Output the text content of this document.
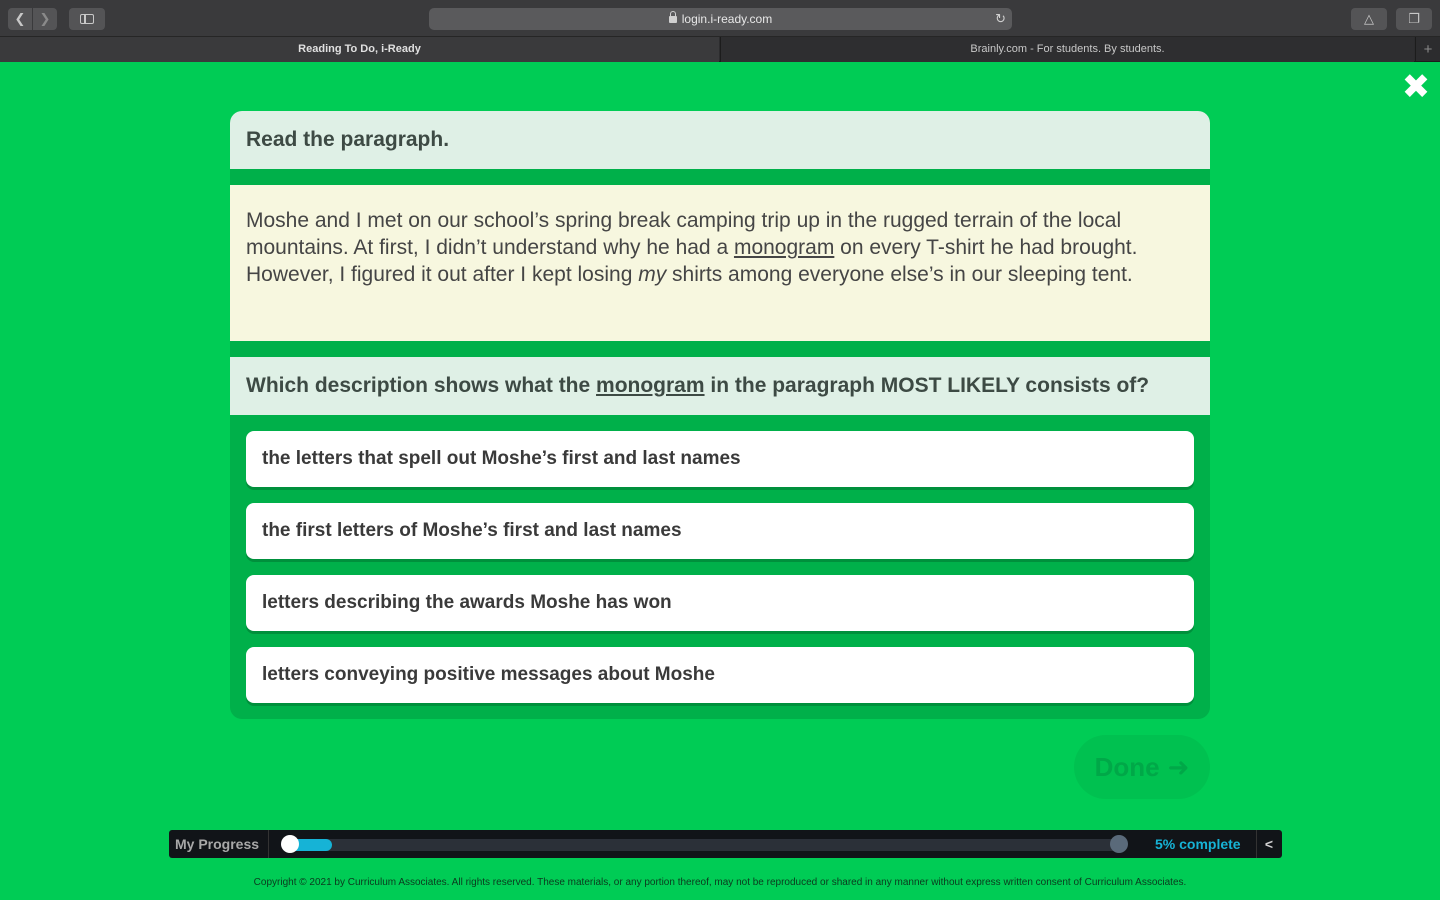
❮	❯	login.i-ready.com	↻	△	❐
Reading To Do, i-Ready	Brainly.com - For students. By students.	+
✖
Read the paragraph.
Moshe and I met on our school’s spring break camping trip up in the rugged terrain of the local mountains. At first, I didn’t understand why he had a monogram on every T-shirt he had brought. However, I figured it out after I kept losing my shirts among everyone else’s in our sleeping tent.
Which description shows what the monogram in the paragraph MOST LIKELY consists of?
the letters that spell out Moshe’s first and last names
the first letters of Moshe’s first and last names
letters describing the awards Moshe has won
letters conveying positive messages about Moshe
Done ➜
My Progress	5% complete	<
Copyright © 2021 by Curriculum Associates. All rights reserved. These materials, or any portion thereof, may not be reproduced or shared in any manner without express written consent of Curriculum Associates.
